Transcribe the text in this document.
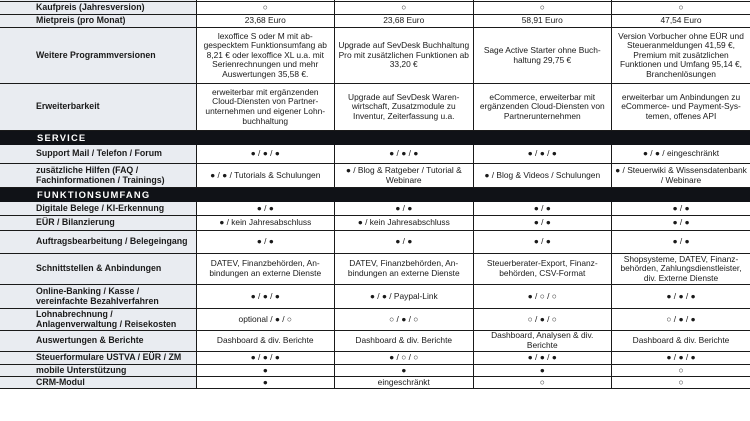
Kaufpreis (Jahresversion)	○	○	○	○
Mietpreis (pro Monat)	23,68 Euro	23,68 Euro	58,91 Euro	47,54 Euro
Weitere Programmversionen	lexoffice S oder M mit abgespecktem Funktionsumfang ab 8,21 € oder lexoffice XL u.a. mit Serienrechnungen und mehr Auswertungen 35,58 €.	Upgrade auf SevDesk Buchhaltung Pro mit zusätzlichen Funktionen ab 33,20 €	Sage Active Starter ohne Buchhaltung 29,75 €	Version Vorbucher ohne EÜR und Steueranmeldungen 41,59 €, Premium mit zusätzlichen Funktionen und Umfang 95,14 €, Branchenlösungen
Erweiterbarkeit	erweiterbar mit ergänzenden Cloud-Diensten von Partnerunternehmen und eigener Lohnbuchhaltung	Upgrade auf SevDesk Warenwirtschaft, Zusatzmodule zu Inventur, Zeiterfassung u.a.	eCommerce, erweiterbar mit ergänzenden Cloud-Diensten von Partnerunternehmen	erweiterbar um Anbindungen zu eCommerce- und Payment-Systemen, offenes API
SERVICE				
Support Mail / Telefon / Forum	● / ● / ●	● / ● / ●	● / ● / ●	● / ● / eingeschränkt
zusätzliche Hilfen (FAQ / Fachinformationen / Trainings)	● / ● / Tutorials & Schulungen	● / Blog & Ratgeber / Tutorial & Webinare	● / Blog & Videos / Schulungen	● / Steuerwiki & Wissensdatenbank / Webinare
FUNKTIONSUMFANG				
Digitale Belege / KI-Erkennung	● / ●	● / ●	● / ●	● / ●
EÜR / Bilanzierung	● / kein Jahresabschluss	● / kein Jahresabschluss	● / ●	● / ●
Auftragsbearbeitung / Belegeingang	● / ●	● / ●	● / ●	● / ●
Schnittstellen & Anbindungen	DATEV, Finanzbehörden, Anbindungen an externe Dienste	DATEV, Finanzbehörden, Anbindungen an externe Dienste	Steuerberater-Export, Finanzbehörden, CSV-Format	Shopsysteme, DATEV, Finanzbehörden, Zahlungsdienstleister, div. Externe Dienste
Online-Banking / Kasse / vereinfachte Bezahlverfahren	● / ● / ●	● / ● / Paypal-Link	● / ○ / ○	● / ● / ●
Lohnabrechnung / Anlagenverwaltung / Reisekosten	optional / ● / ○	○ / ● / ○	○ / ● / ○	○ / ● / ●
Auswertungen & Berichte	Dashboard & div. Berichte	Dashboard & div. Berichte	Dashboard, Analysen & div. Berichte	Dashboard & div. Berichte
Steuerformulare USTVA / EÜR / ZM	● / ● / ●	● / ○ / ○	● / ● / ●	● / ● / ●
mobile Unterstützung	●	●	●	○
CRM-Modul	●	eingeschränkt	○	○
